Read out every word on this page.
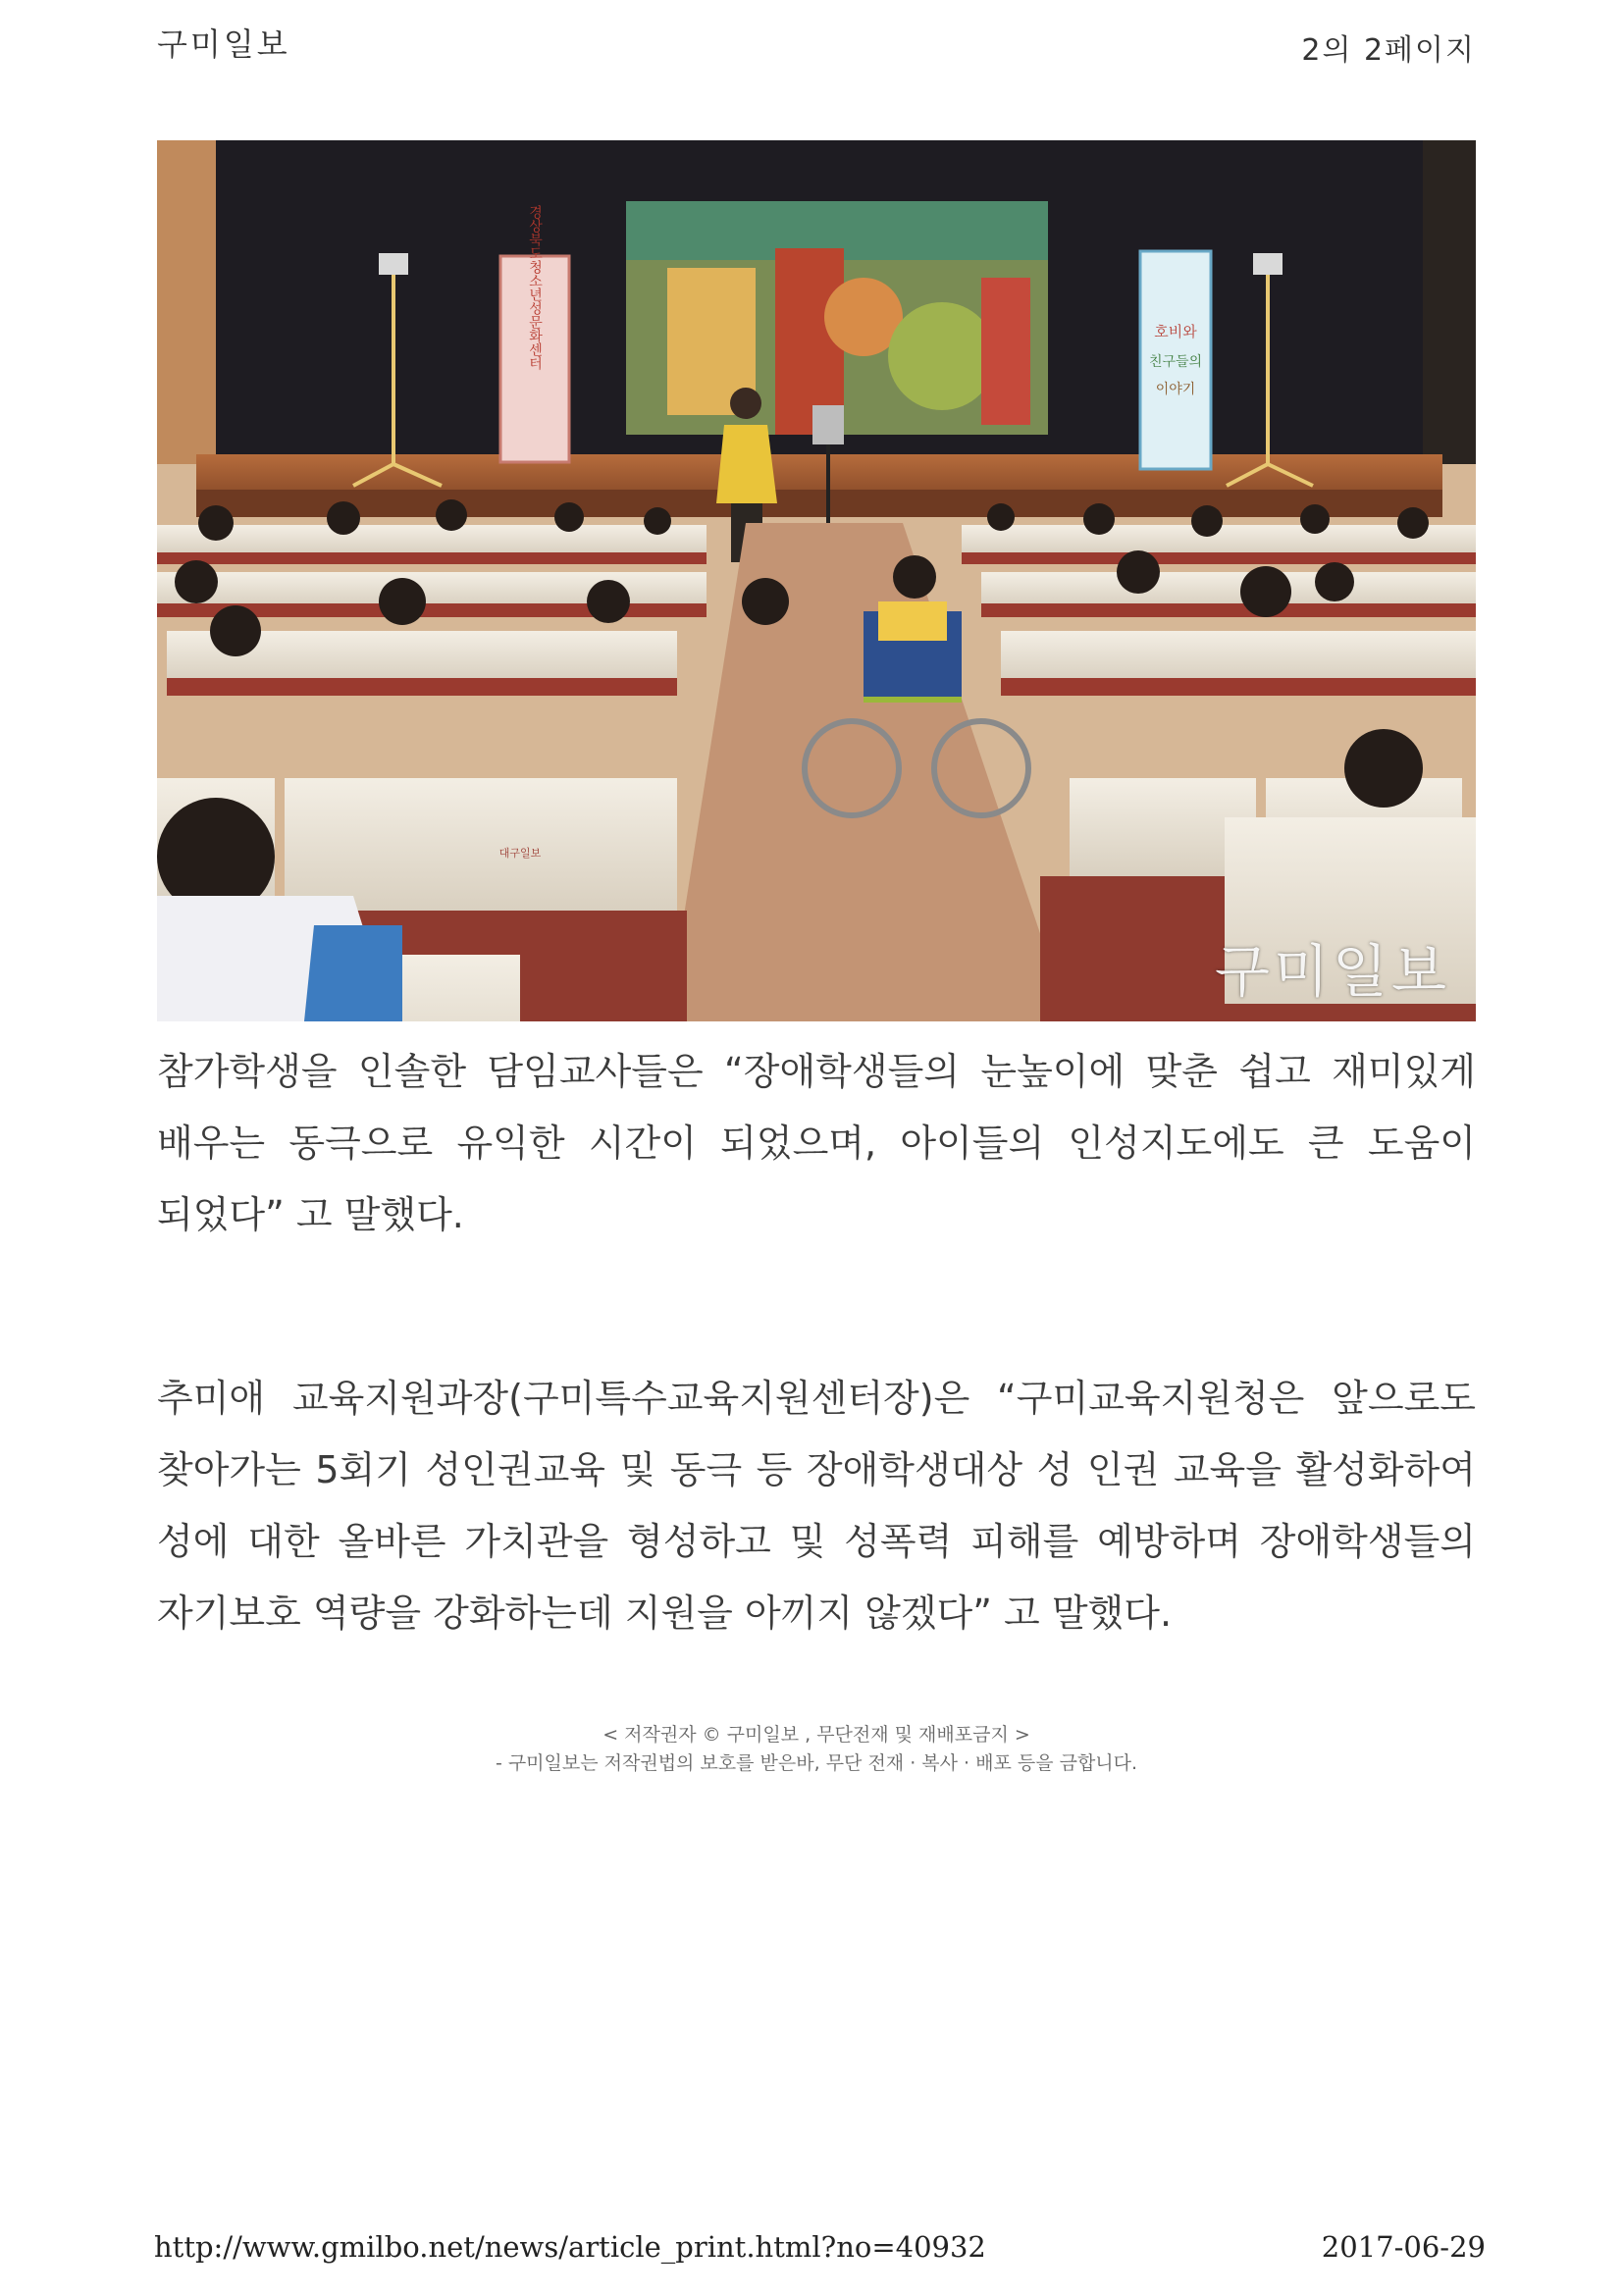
구미일보	2의 2페이지
경상북도청소년성문화센터	호비와
친구들의
이야기
대구일보
구미일보

참가학생을 인솔한 담임교사들은 “장애학생들의 눈높이에 맞춘 쉽고 재미있게 배우는 동극으로 유익한 시간이 되었으며, 아이들의 인성지도에도 큰 도움이 되었다” 고 말했다.

추미애 교육지원과장(구미특수교육지원센터장)은 “구미교육지원청은 앞으로도 찾아가는 5회기 성인권교육 및 동극 등 장애학생대상 성 인권 교육을 활성화하여 성에 대한 올바른 가치관을 형성하고 및 성폭력 피해를 예방하며 장애학생들의 자기보호 역량을 강화하는데 지원을 아끼지 않겠다” 고 말했다.

< 저작권자 © 구미일보 , 무단전재 및 재배포금지 >
- 구미일보는 저작권법의 보호를 받은바, 무단 전재 · 복사 · 배포 등을 금합니다.
http://www.gmilbo.net/news/article_print.html?no=40932	2017-06-29
